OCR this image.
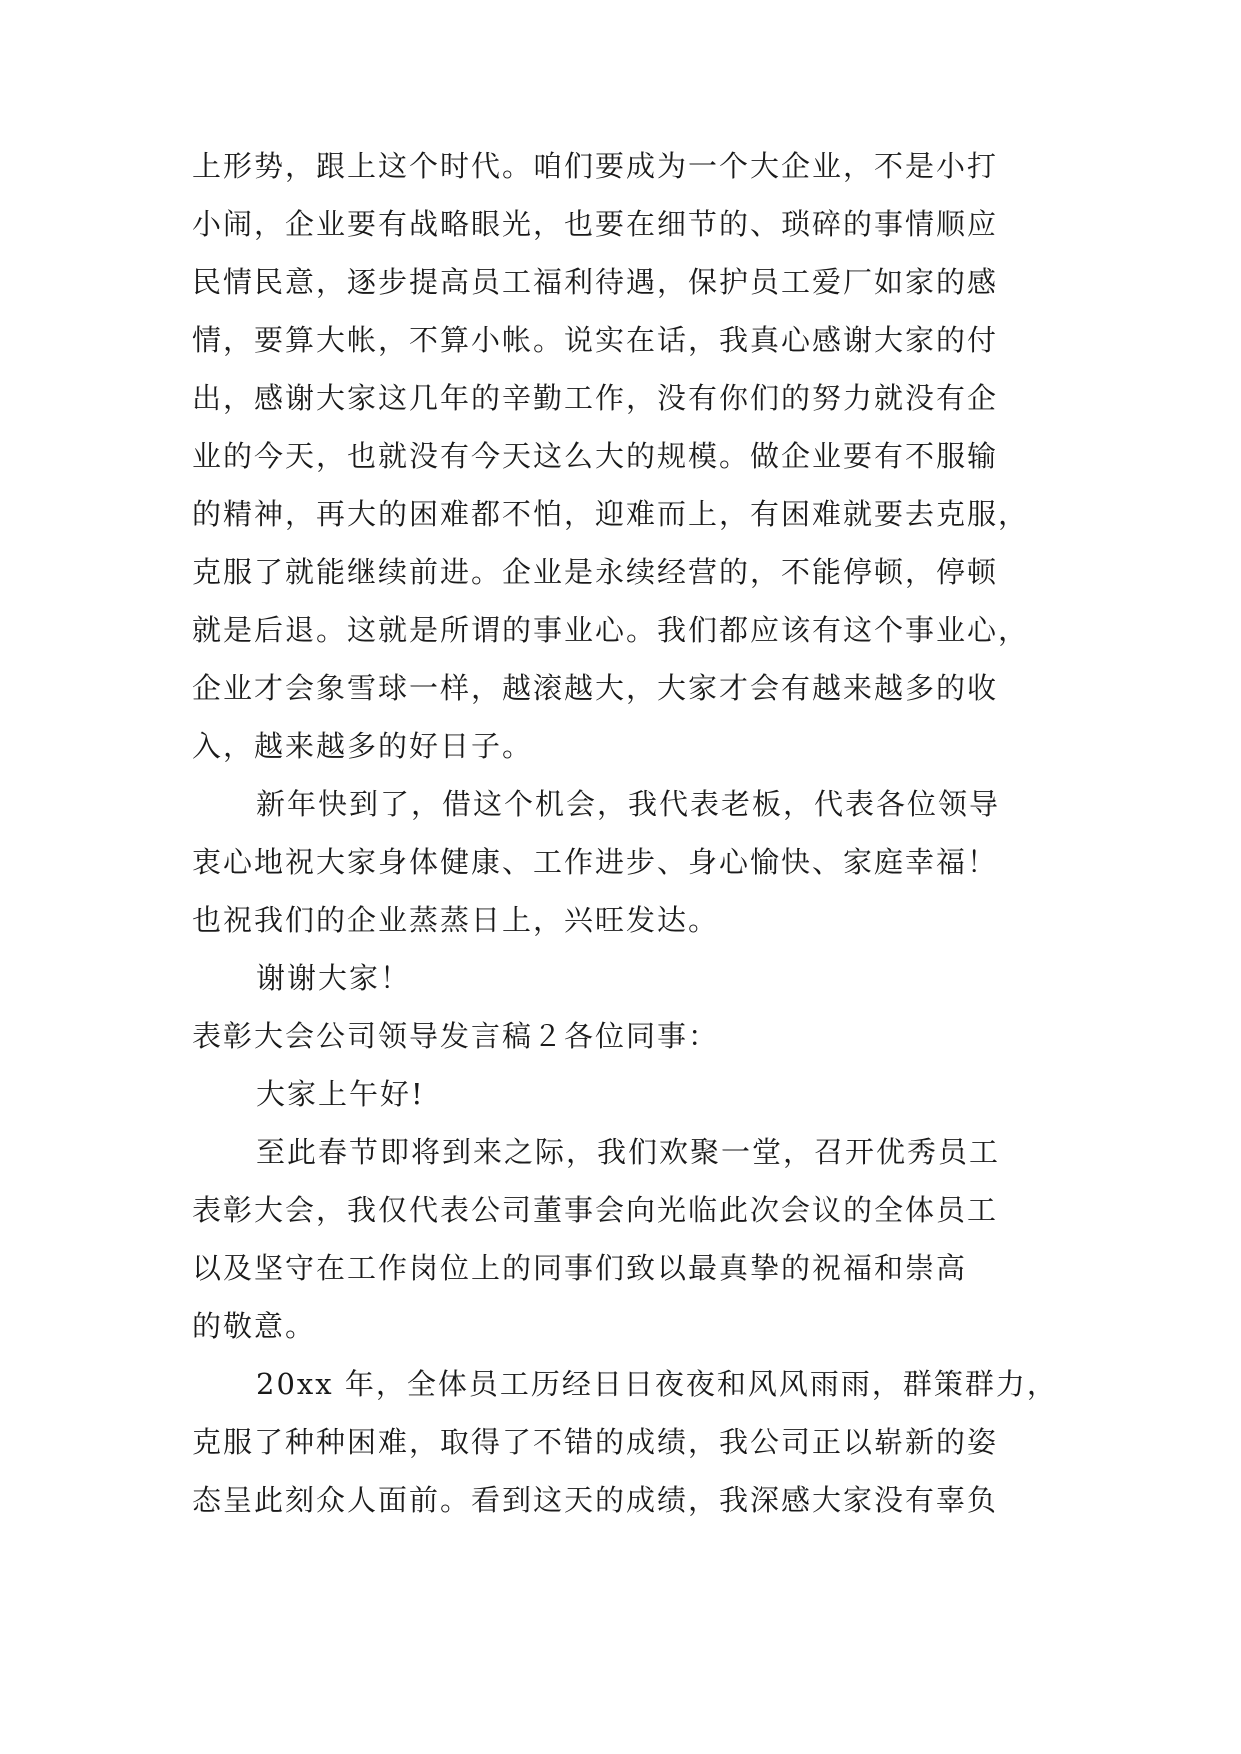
上形势，跟上这个时代。咱们要成为一个大企业，不是小打
小闹，企业要有战略眼光，也要在细节的、琐碎的事情顺应
民情民意，逐步提高员工福利待遇，保护员工爱厂如家的感
情，要算大帐，不算小帐。说实在话，我真心感谢大家的付
出，感谢大家这几年的辛勤工作，没有你们的努力就没有企
业的今天，也就没有今天这么大的规模。做企业要有不服输
的精神，再大的困难都不怕，迎难而上，有困难就要去克服，
克服了就能继续前进。企业是永续经营的，不能停顿，停顿
就是后退。这就是所谓的事业心。我们都应该有这个事业心，
企业才会象雪球一样，越滚越大，大家才会有越来越多的收
入，越来越多的好日子。
新年快到了，借这个机会，我代表老板，代表各位领导
衷心地祝大家身体健康、工作进步、身心愉快、家庭幸福！
也祝我们的企业蒸蒸日上，兴旺发达。
谢谢大家！
表彰大会公司领导发言稿２各位同事：
大家上午好!
至此春节即将到来之际，我们欢聚一堂，召开优秀员工
表彰大会，我仅代表公司董事会向光临此次会议的全体员工
以及坚守在工作岗位上的同事们致以最真挚的祝福和崇高
的敬意。
20xx 年，全体员工历经日日夜夜和风风雨雨，群策群力，
克服了种种困难，取得了不错的成绩，我公司正以崭新的姿
态呈此刻众人面前。看到这天的成绩，我深感大家没有辜负
